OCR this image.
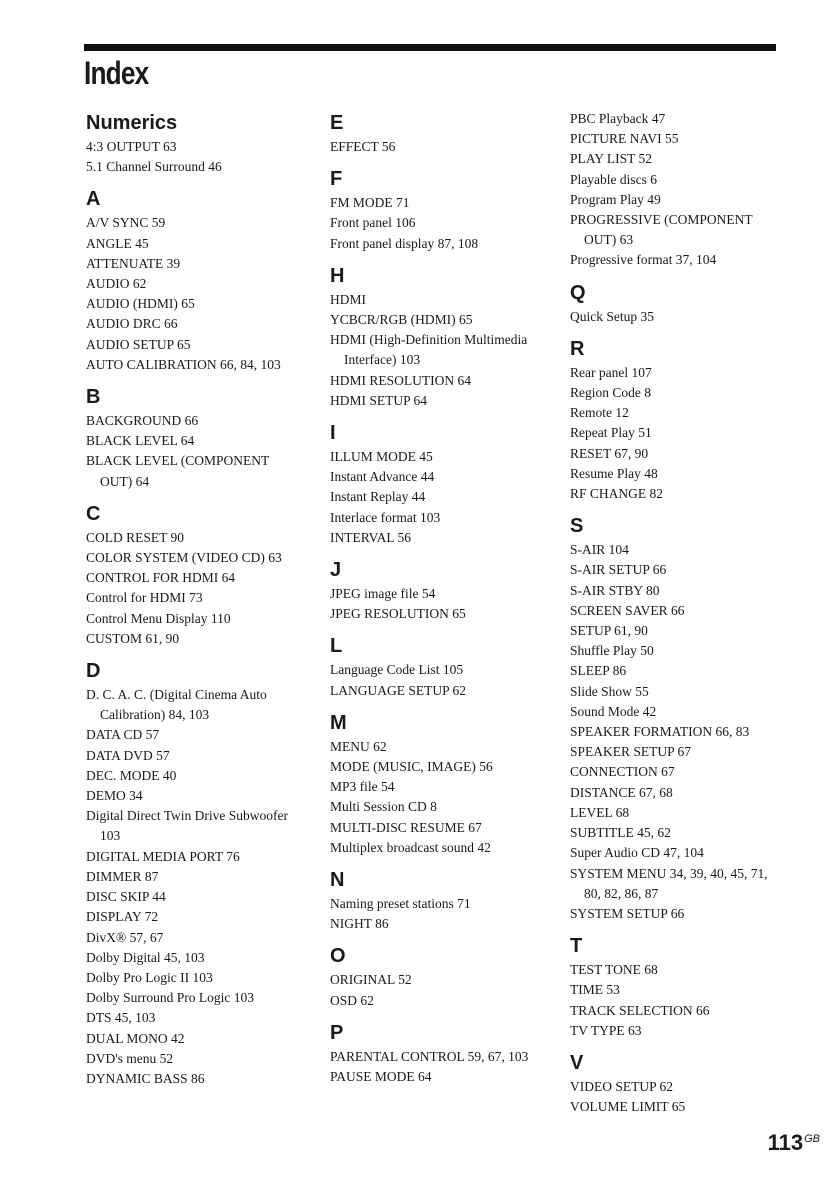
Index
Numerics
4:3 OUTPUT 63
5.1 Channel Surround 46
A
A/V SYNC 59
ANGLE 45
ATTENUATE 39
AUDIO 62
AUDIO (HDMI) 65
AUDIO DRC 66
AUDIO SETUP 65
AUTO CALIBRATION 66, 84, 103
B
BACKGROUND 66
BLACK LEVEL 64
BLACK LEVEL (COMPONENT OUT) 64
C
COLD RESET 90
COLOR SYSTEM (VIDEO CD) 63
CONTROL FOR HDMI 64
Control for HDMI 73
Control Menu Display 110
CUSTOM 61, 90
D
D. C. A. C. (Digital Cinema Auto Calibration) 84, 103
DATA CD 57
DATA DVD 57
DEC. MODE 40
DEMO 34
Digital Direct Twin Drive Subwoofer 103
DIGITAL MEDIA PORT 76
DIMMER 87
DISC SKIP 44
DISPLAY 72
DivX® 57, 67
Dolby Digital 45, 103
Dolby Pro Logic II 103
Dolby Surround Pro Logic 103
DTS 45, 103
DUAL MONO 42
DVD's menu 52
DYNAMIC BASS 86
E
EFFECT 56
F
FM MODE 71
Front panel 106
Front panel display 87, 108
H
HDMI
YCBCR/RGB (HDMI) 65
HDMI (High-Definition Multimedia Interface) 103
HDMI RESOLUTION 64
HDMI SETUP 64
I
ILLUM MODE 45
Instant Advance 44
Instant Replay 44
Interlace format 103
INTERVAL 56
J
JPEG image file 54
JPEG RESOLUTION 65
L
Language Code List 105
LANGUAGE SETUP 62
M
MENU 62
MODE (MUSIC, IMAGE) 56
MP3 file 54
Multi Session CD 8
MULTI-DISC RESUME 67
Multiplex broadcast sound 42
N
Naming preset stations 71
NIGHT 86
O
ORIGINAL 52
OSD 62
P
PARENTAL CONTROL 59, 67, 103
PAUSE MODE 64
PBC Playback 47
PICTURE NAVI 55
PLAY LIST 52
Playable discs 6
Program Play 49
PROGRESSIVE (COMPONENT OUT) 63
Progressive format 37, 104
Q
Quick Setup 35
R
Rear panel 107
Region Code 8
Remote 12
Repeat Play 51
RESET 67, 90
Resume Play 48
RF CHANGE 82
S
S-AIR 104
S-AIR SETUP 66
S-AIR STBY 80
SCREEN SAVER 66
SETUP 61, 90
Shuffle Play 50
SLEEP 86
Slide Show 55
Sound Mode 42
SPEAKER FORMATION 66, 83
SPEAKER SETUP 67
CONNECTION 67
DISTANCE 67, 68
LEVEL 68
SUBTITLE 45, 62
Super Audio CD 47, 104
SYSTEM MENU 34, 39, 40, 45, 71, 80, 82, 86, 87
SYSTEM SETUP 66
T
TEST TONE 68
TIME 53
TRACK SELECTION 66
TV TYPE 63
V
VIDEO SETUP 62
VOLUME LIMIT 65
$113^{GB}$
